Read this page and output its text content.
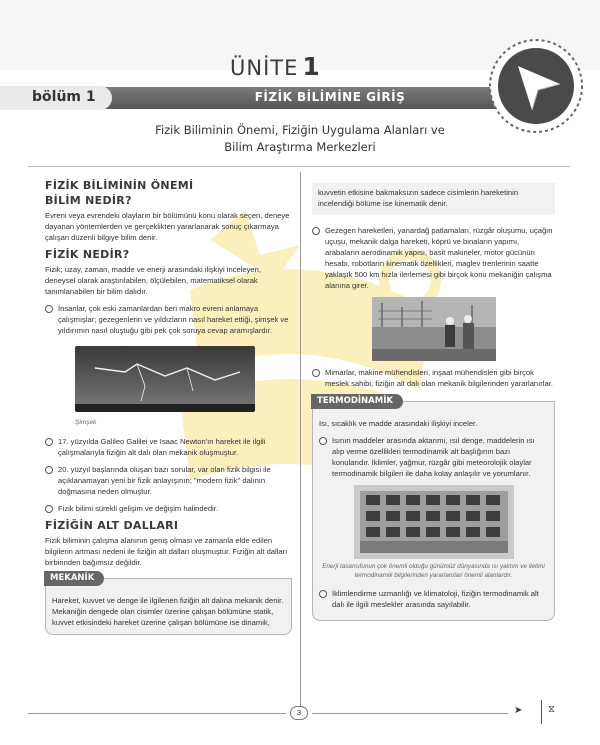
ÜNİTE 1
bölüm 1	FİZİK BİLİMİNE GİRİŞ
Fizik Biliminin Önemi, Fiziğin Uygulama Alanları ve
Bilim Araştırma Merkezleri
FİZİK BİLİMİNİN ÖNEMİ
BİLİM NEDİR?

Evreni veya evrendeki olayların bir bölümünü konu olarak seçen, deneye dayanan yöntemlerden ve gerçeklikten yararlanarak sonuç çıkarmaya çalışan düzenli bilgiye bilim denir.

FİZİK NEDİR?

Fizik; uzay, zaman, madde ve enerji arasındaki ilişkiyi inceleyen, deneysel olarak araştırılabilen, ölçülebilen, matematiksel olarak tanımlanabilen bir bilim dalıdır.

İnsanlar, çok eski zamanlardan beri makro evreni anlamaya çalışmışlar; gezegenlerin ve yıldızların nasıl hareket ettiği, şimşek ve yıldırımın nasıl oluştuğu gibi pek çok soruya cevap aramışlardır.
Şimşek
17. yüzyılda Galileo Galilei ve Isaac Newton'ın hareket ile ilgili çalışmalarıyla fiziğin alt dalı olan mekanik oluşmuştur.
20. yüzyıl başlarında oluşan bazı sorular, var olan fizik bilgisi ile açıklanamayan yeni bir fizik anlayışının; "modern fizik" dalının doğmasına neden olmuştur.
Fizik bilimi sürekli gelişim ve değişim halindedir.
FİZİĞİN ALT DALLARI

Fizik biliminin çalışma alanının geniş olması ve zamanla elde edilen bilgilerin artması nedeni ile fiziğin alt dalları oluşmuştur. Fiziğin alt dalları birbirinden bağımsız değildir.

MEKANİK

Hareket, kuvvet ve denge ile ilgilenen fiziğin alt dalına mekanik denir. Mekaniğin dengede olan cisimler üzerine çalışan bölümüne statik, kuvvet etkisindeki hareket üzerine çalışan bölümüne ise dinamik,

kuvvetin etkisine bakmaksızın sadece cisimlerin hareketinin incelendiği bölüme ise kinematik denir.

Gezegen hareketleri, yanardağ patlamaları, rüzgâr oluşumu, uçağın uçuşu, mekanik dalga hareketi, köprü ve binaların yapımı, arabaların aerodinamik yapısı, basit makineler, motor gücünün hesabı, robotların kinematik özellikleri, maglev trenlerinin saatte yaklaşık 500 km hızla ilerlemesi gibi birçok konu mekaniğin çalışma alanına girer.
Mimarlar, makine mühendisleri, inşaat mühendisleri gibi birçok meslek sahibi, fiziğin alt dalı olan mekanik bilgilerinden yararlanırlar.
TERMODİNAMİK

Isı, sıcaklık ve madde arasındaki ilişkiyi inceler.

Isının maddeler arasında aktarımı, ısıl denge, maddelerin ısı alıp verme özellikleri termodinamik alt başlığının bazı konularıdır. İklimler, yağmur, rüzgâr gibi meteorolojik olaylar termodinamik bilgileri ile daha kolay anlaşılır ve yorumlanır.
Enerji tasarrufunun çok önemli olduğu günümüz dünyasında ısı yalıtım ve iletimi termodinamik bilgilerinden yararlanılan önemli alanlardır.
İklimlendirme uzmanlığı ve klimatoloji, fiziğin termodinamik alt dalı ile ilgili meslekler arasında sayılabilir.
3	➤	⧖
